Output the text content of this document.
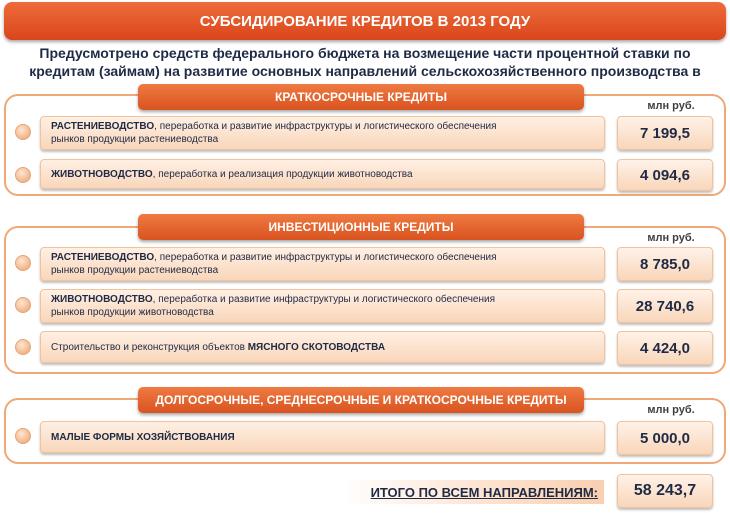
СУБСИДИРОВАНИЕ КРЕДИТОВ В 2013 ГОДУ
Предусмотрено средств федерального бюджета на возмещение части процентной ставки по
кредитам (займам) на развитие основных направлений сельскохозяйственного производства в
КРАТКОСРОЧНЫЕ КРЕДИТЫ
млн руб.
РАСТЕНИЕВОДСТВО, переработка и развитие инфраструктуры и логистического обеспечения
рынков продукции растениеводства	7 199,5
ЖИВОТНОВОДСТВО, переработка и реализация продукции животноводства	4 094,6
ИНВЕСТИЦИОННЫЕ КРЕДИТЫ
млн руб.
РАСТЕНИЕВОДСТВО, переработка и развитие инфраструктуры и логистического обеспечения
рынков продукции растениеводства	8 785,0
ЖИВОТНОВОДСТВО, переработка и развитие инфраструктуры и логистического обеспечения
рынков продукции животноводства	28 740,6
Строительство и реконструкция объектов МЯСНОГО СКОТОВОДСТВА	4 424,0
ДОЛГОСРОЧНЫЕ, СРЕДНЕСРОЧНЫЕ И КРАТКОСРОЧНЫЕ КРЕДИТЫ
млн руб.
МАЛЫЕ ФОРМЫ ХОЗЯЙСТВОВАНИЯ	5 000,0
ИТОГО ПО ВСЕМ НАПРАВЛЕНИЯМ:	58 243,7
